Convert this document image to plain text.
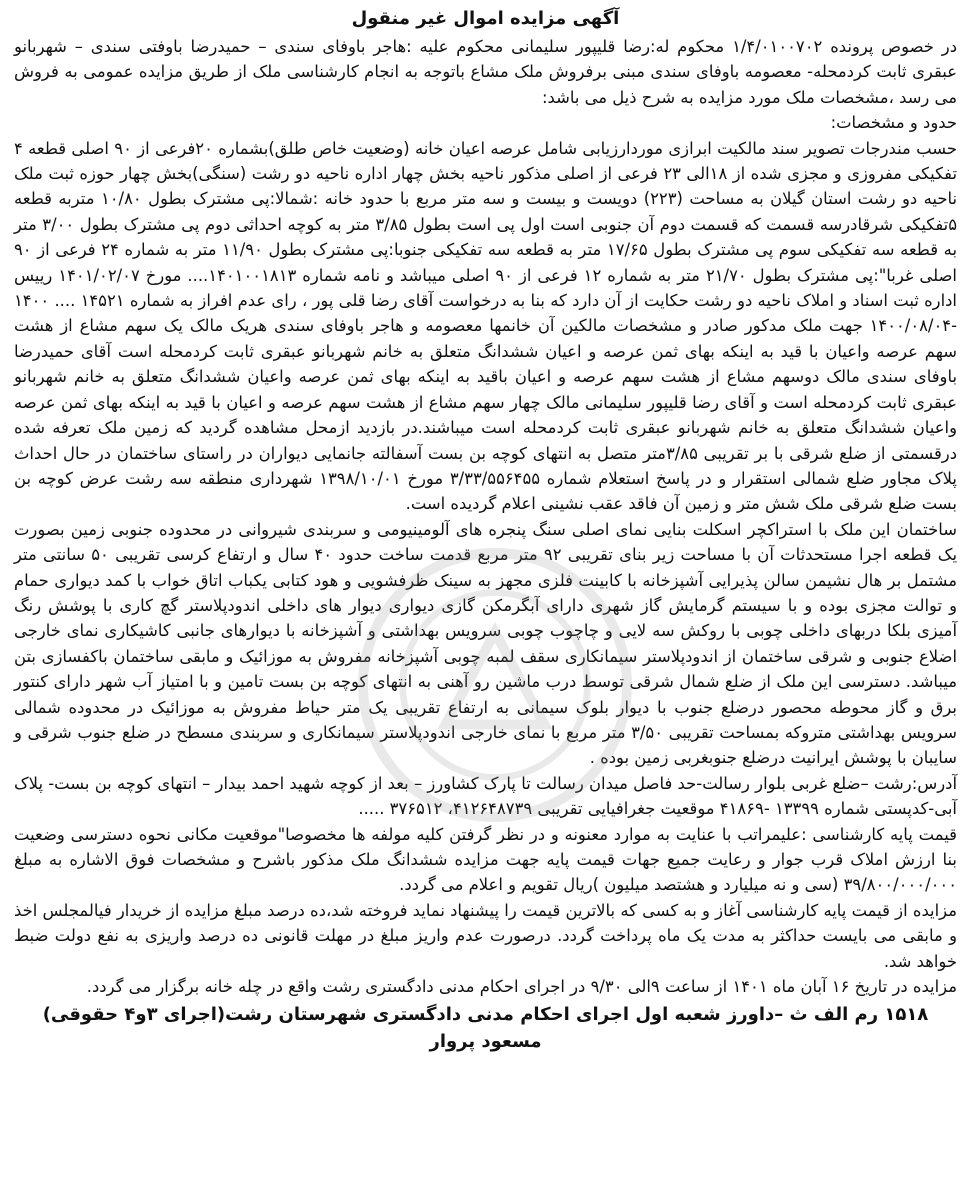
آگهی مزایده اموال غیر منقول

در خصوص پرونده ۱/۴/۰۱۰۰۷۰۲ محکوم له:رضا قلیپور سلیمانی محکوم علیه :هاجر باوفای سندی – حمیدرضا باوفتی سندی – شهربانو عبقری ثابت کردمحله- معصومه باوفای سندی مبنی برفروش ملک مشاع باتوجه به انجام کارشناسی ملک از طریق مزایده عمومی به فروش می رسد ،مشخصات ملک مورد مزایده به شرح ذیل می باشد:

حدود و مشخصات:

حسب مندرجات تصویر سند مالکیت ابرازی موردارزیابی شامل عرصه اعیان خانه (وضعیت خاص طلق)بشماره ۲۰فرعی از ۹۰ اصلی قطعه ۴ تفکیکی مفروزی و مجزی شده از ۱۸الی ۲۳ فرعی از اصلی مذکور ناحیه بخش چهار اداره ناحیه دو رشت (سنگی)بخش چهار حوزه ثبت ملک ناحیه دو رشت استان گیلان به مساحت (۲۲۳) دویست و بیست و سه متر مربع با حدود خانه :شمالا:پی مشترک بطول ۱۰/۸۰ متربه قطعه ۵تفکیکی شرقادرسه قسمت که قسمت دوم آن جنوبی است اول پی است بطول ۳/۸۵ متر به کوچه احداثی دوم پی مشترک بطول ۳/۰۰ متر به قطعه سه تفکیکی سوم پی مشترک بطول ۱۷/۶۵ متر به قطعه سه تفکیکی جنوبا:پی مشترک بطول ۱۱/۹۰ متر به شماره ۲۴ فرعی از ۹۰ اصلی غربا":پی مشترک بطول ۲۱/۷۰ متر به شماره ۱۲ فرعی از ۹۰ اصلی میباشد و نامه شماره ۱۴۰۱۰۰۱۸۱۳.... مورخ ۱۴۰۱/۰۲/۰۷ رییس اداره ثبت اسناد و املاک ناحیه دو رشت حکایت از آن دارد که بنا به درخواست آقای رضا قلی پور ، رای عدم افراز به شماره ۱۴۵۲۱ .... ۱۴۰۰ -۱۴۰۰/۰۸/۰۴ جهت ملک مدکور صادر و مشخصات مالکین آن خانمها معصومه و هاجر باوفای سندی هریک مالک یک سهم مشاع از هشت سهم عرصه واعیان با قید به اینکه بهای ثمن عرصه و اعیان ششدانگ متعلق به خانم شهربانو عبقری ثابت کردمحله است آقای حمیدرضا باوفای سندی مالک دوسهم مشاع از هشت سهم عرصه و اعیان باقید به اینکه بهای ثمن عرصه واعیان ششدانگ متعلق به خانم شهربانو عبقری ثابت کردمحله است و آقای رضا قلیپور سلیمانی مالک چهار سهم مشاع از هشت سهم عرصه و اعیان با قید به اینکه بهای ثمن عرصه واعیان ششدانگ متعلق به خانم شهربانو عبقری ثابت کردمحله است میباشند.در بازدید ازمحل مشاهده گردید که زمین ملک تعرفه شده درقسمتی از ضلع شرقی با بر تقریبی ۳/۸۵متر متصل به انتهای کوچه بن بست آسفالته جانمایی دیواران در راستای ساختمان در حال احداث پلاک مجاور ضلع شمالی استقرار و در پاسخ استعلام شماره ۳/۳۳/۵۵۶۴۵۵ مورخ ۱۳۹۸/۱۰/۰۱ شهرداری منطقه سه رشت عرض کوچه بن بست ضلع شرقی ملک شش متر و زمین آن فاقد عقب نشینی اعلام گردیده است.

ساختمان این ملک با استراکچر اسکلت بنایی نمای اصلی سنگ پنجره های آلومینیومی و سربندی شیروانی در محدوده جنوبی زمین بصورت یک قطعه اجرا مستحدثات آن با مساحت زیر بنای تقریبی ۹۲ متر مربع قدمت ساخت حدود ۴۰ سال و ارتفاع کرسی تقریبی ۵۰ سانتی متر مشتمل بر هال نشیمن سالن پذیرایی آشپزخانه با کابینت فلزی مجهز به سینک ظرفشویی و هود کتابی یکباب اتاق خواب با کمد دیواری حمام و توالت مجزی بوده و با سیستم گرمایش گاز شهری دارای آبگرمکن گازی دیواری دیوار های داخلی اندودپلاستر گچ کاری با پوشش رنگ آمیزی بلکا دربهای داخلی چوبی با روکش سه لایی و چاچوب چوبی سرویس بهداشتی و آشپزخانه با دیوارهای جانبی کاشیکاری نمای خارجی اضلاع جنوبی و شرقی ساختمان از اندودپلاستر سیمانکاری سقف لمبه چوبی آشپزخانه مفروش به موزائیک و مابقی ساختمان باکفسازی بتن میباشد. دسترسی این ملک از ضلع شمال شرقی توسط درب ماشین رو آهنی به انتهای کوچه بن بست تامین و با امتیاز آب شهر دارای کنتور برق و گاز محوطه محصور درضلع جنوب با دیوار بلوک سیمانی به ارتفاع تقریبی یک متر حیاط مفروش به موزائیک در محدوده شمالی سرویس بهداشتی متروکه بمساحت تقریبی ۳/۵۰ متر مربع با نمای خارجی اندودپلاستر سیمانکاری و سربندی مسطح در ضلع جنوب شرقی و سایبان با پوشش ایرانیت درضلع جنوبغربی زمین بوده .

آدرس:رشت –ضلع غربی بلوار رسالت-حد فاصل میدان رسالت تا پارک کشاورز – بعد از کوچه شهید احمد بیدار – انتهای کوچه بن بست- پلاک آبی-کدپستی شماره ۱۳۳۹۹ -۴۱۸۶۹ موقعیت جغرافیایی تقریبی ۴۱۲۶۴۸۷۳۹، ۳۷۶۵۱۲ .....

قیمت پایه کارشناسی :علیمراتب با عنایت به موارد معنونه و در نظر گرفتن کلیه مولفه ها مخصوصا"موقعیت مکانی نحوه دسترسی وضعیت بنا ارزش املاک قرب جوار و رعایت جمیع جهات قیمت پایه جهت مزایده ششدانگ ملک مذکور باشرح و مشخصات فوق الاشاره به مبلغ ۳۹/۸۰۰/۰۰۰/۰۰۰ (سی و نه میلیارد و هشتصد میلیون )ریال تقویم و اعلام می گردد.

مزایده از قیمت پایه کارشناسی آغاز و به کسی که بالاترین قیمت را پیشنهاد نماید فروخته شد،ده درصد مبلغ مزایده از خریدار فیالمجلس اخذ و مابقی می بایست حداکثر به مدت یک ماه پرداخت گردد. درصورت عدم واریز مبلغ در مهلت قانونی ده درصد واریزی به نفع دولت ضبط خواهد شد.

مزایده در تاریخ ۱۶ آبان ماه ۱۴۰۱ از ساعت ۹الی ۹/۳۰ در اجرای احکام مدنی دادگستری رشت واقع در چله خانه برگزار می گردد.

۱۵۱۸ رم الف ث –داورز شعبه اول اجرای احکام مدنی دادگستری شهرستان رشت(اجرای ۳و۴ حقوقی)
مسعود پروار
